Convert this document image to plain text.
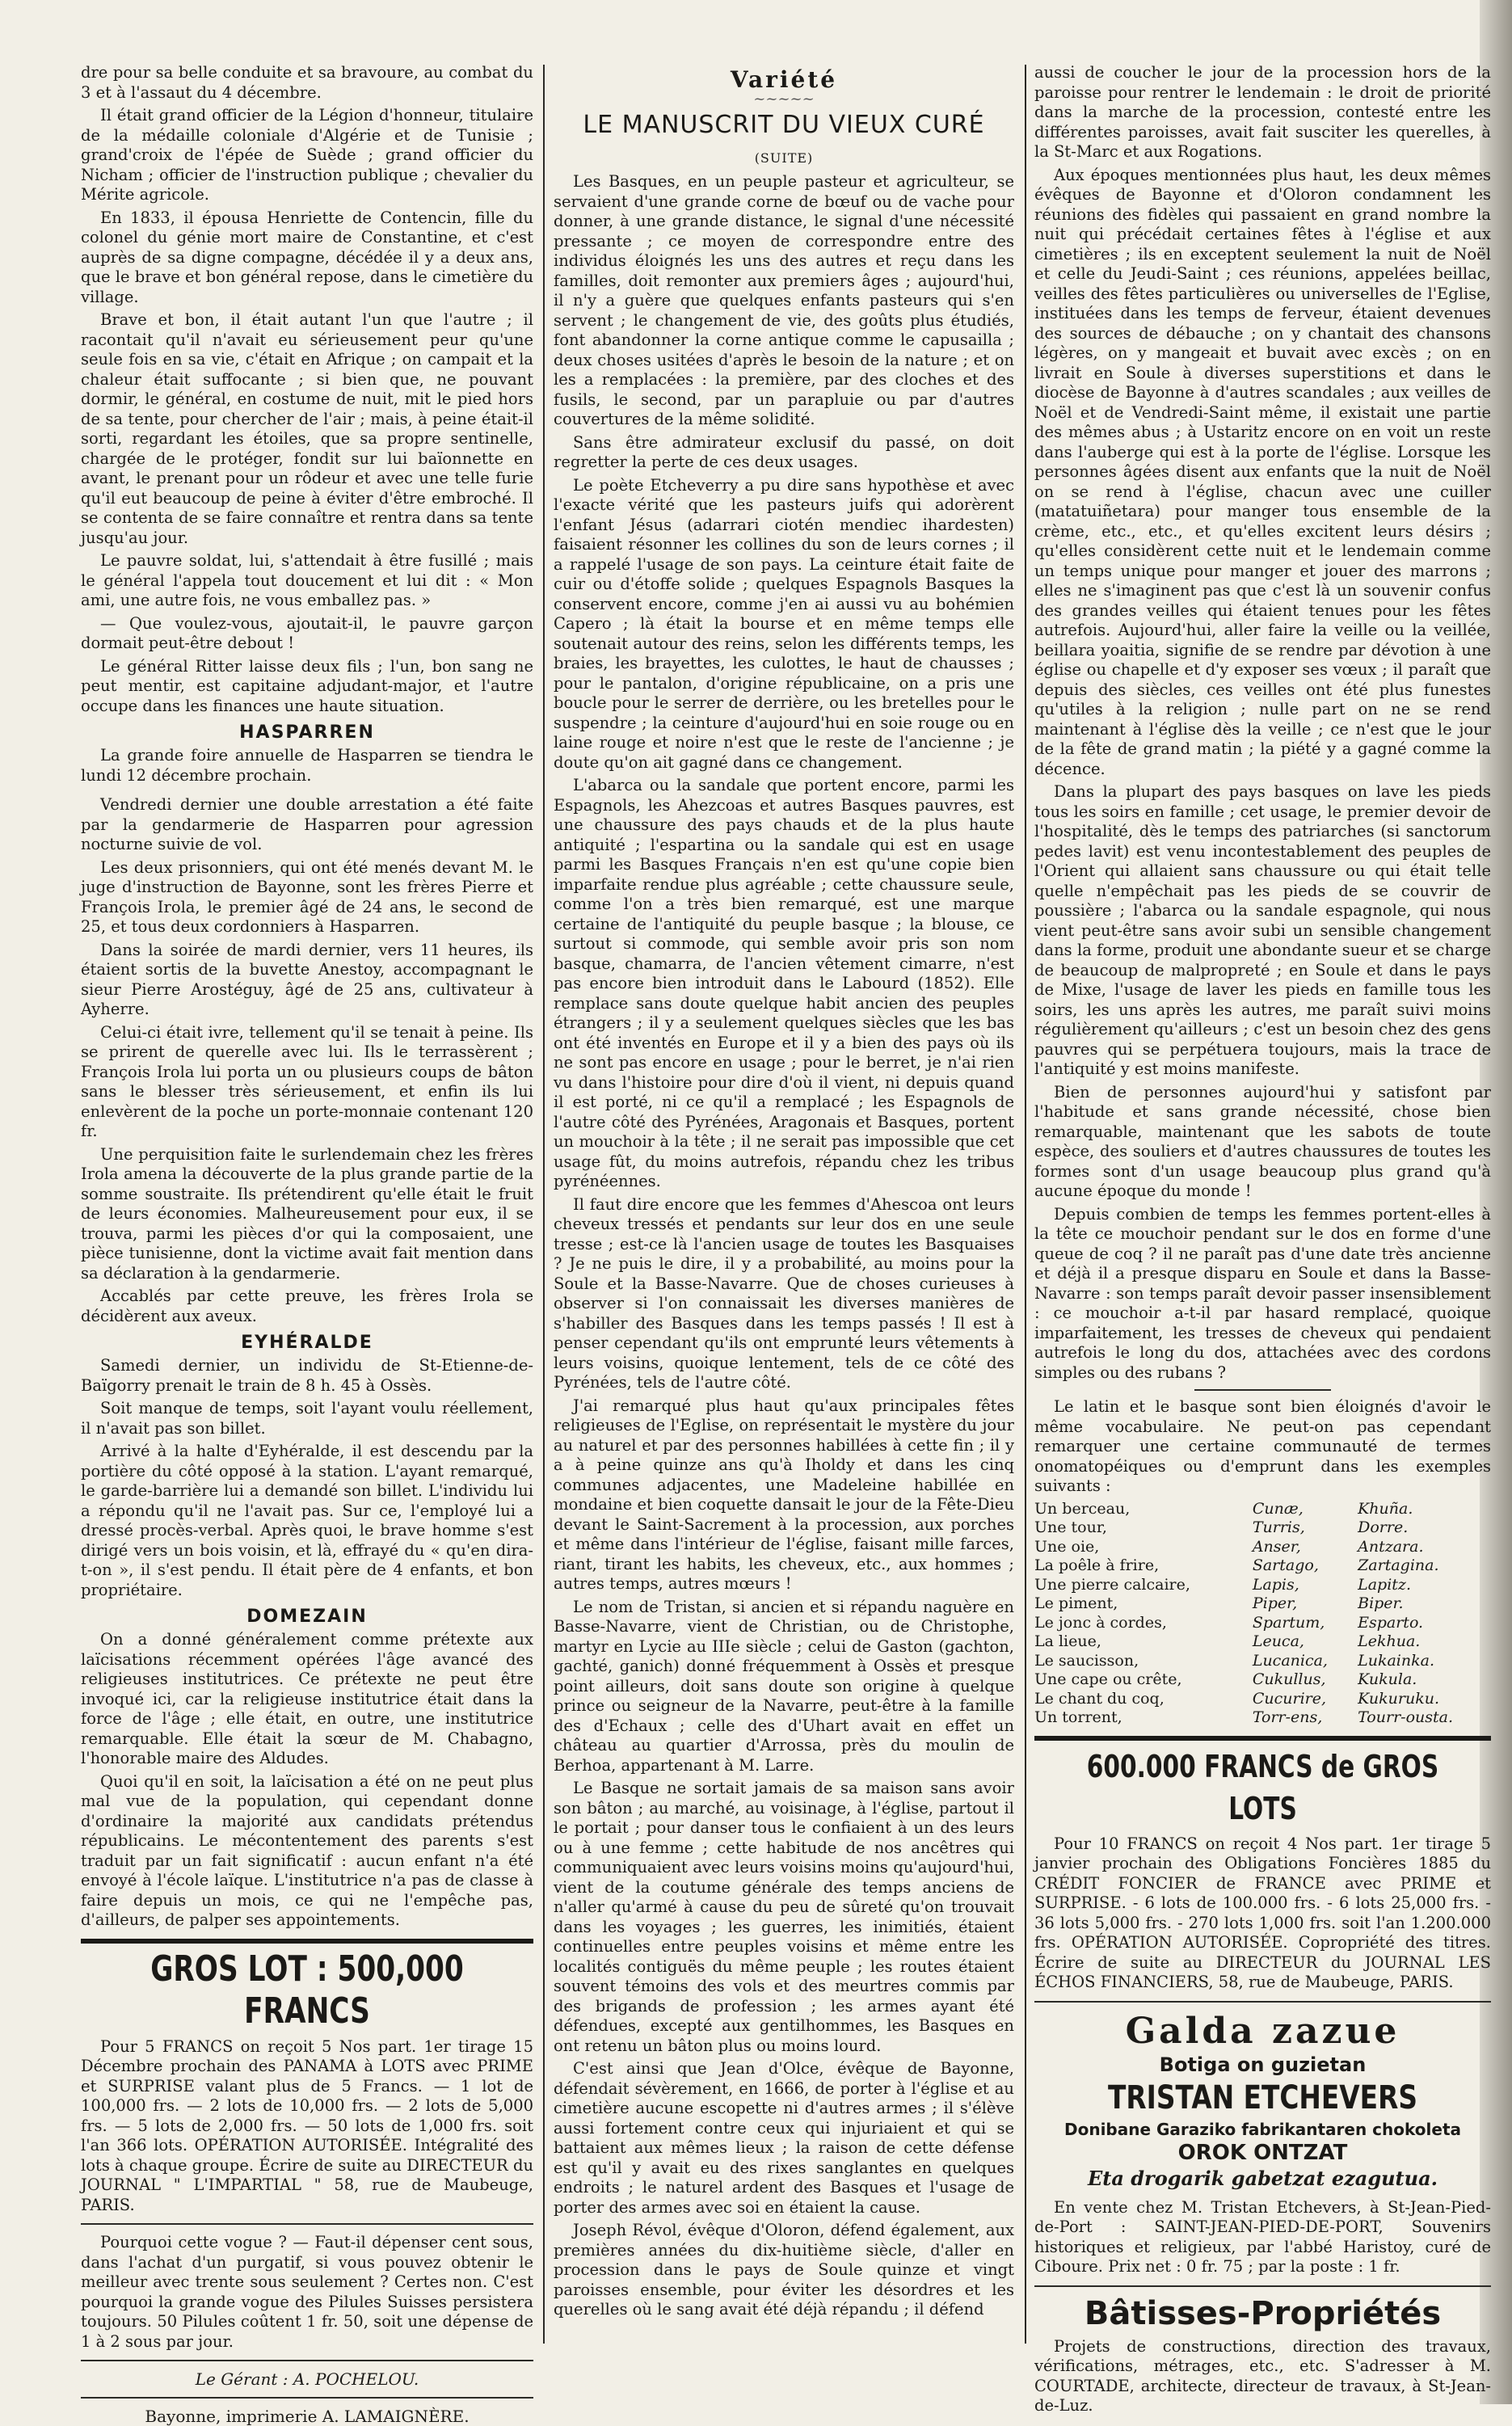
dre pour sa belle conduite et sa bravoure, au combat du 3 et à l'assaut du 4 décembre.

Il était grand officier de la Légion d'honneur, titulaire de la médaille coloniale d'Algérie et de Tunisie ; grand'croix de l'épée de Suède ; grand officier du Nicham ; officier de l'instruction publique ; chevalier du Mérite agricole.

En 1833, il épousa Henriette de Contencin, fille du colonel du génie mort maire de Constantine, et c'est auprès de sa digne compagne, décédée il y a deux ans, que le brave et bon général repose, dans le cimetière du village.

Brave et bon, il était autant l'un que l'autre ; il racontait qu'il n'avait eu sérieusement peur qu'une seule fois en sa vie, c'était en Afrique ; on campait et la chaleur était suffocante ; si bien que, ne pouvant dormir, le général, en costume de nuit, mit le pied hors de sa tente, pour chercher de l'air ; mais, à peine était-il sorti, regardant les étoiles, que sa propre sentinelle, chargée de le protéger, fondit sur lui baïonnette en avant, le prenant pour un rôdeur et avec une telle furie qu'il eut beaucoup de peine à éviter d'être embroché. Il se contenta de se faire connaître et rentra dans sa tente jusqu'au jour.

Le pauvre soldat, lui, s'attendait à être fusillé ; mais le général l'appela tout doucement et lui dit : « Mon ami, une autre fois, ne vous emballez pas. »

— Que voulez-vous, ajoutait-il, le pauvre garçon dormait peut-être debout !

Le général Ritter laisse deux fils ; l'un, bon sang ne peut mentir, est capitaine adjudant-major, et l'autre occupe dans les finances une haute situation.

HASPARREN

La grande foire annuelle de Hasparren se tiendra le lundi 12 décembre prochain.

Vendredi dernier une double arrestation a été faite par la gendarmerie de Hasparren pour agression nocturne suivie de vol.

Les deux prisonniers, qui ont été menés devant M. le juge d'instruction de Bayonne, sont les frères Pierre et François Irola, le premier âgé de 24 ans, le second de 25, et tous deux cordonniers à Hasparren.

Dans la soirée de mardi dernier, vers 11 heures, ils étaient sortis de la buvette Anestoy, accompagnant le sieur Pierre Arostéguy, âgé de 25 ans, cultivateur à Ayherre.

Celui-ci était ivre, tellement qu'il se tenait à peine. Ils se prirent de querelle avec lui. Ils le terrassèrent ; François Irola lui porta un ou plusieurs coups de bâton sans le blesser très sérieusement, et enfin ils lui enlevèrent de la poche un porte-monnaie contenant 120 fr.

Une perquisition faite le surlendemain chez les frères Irola amena la découverte de la plus grande partie de la somme soustraite. Ils prétendirent qu'elle était le fruit de leurs économies. Malheureusement pour eux, il se trouva, parmi les pièces d'or qui la composaient, une pièce tunisienne, dont la victime avait fait mention dans sa déclaration à la gendarmerie.

Accablés par cette preuve, les frères Irola se décidèrent aux aveux.

EYHÉRALDE

Samedi dernier, un individu de St-Etienne-de-Baïgorry prenait le train de 8 h. 45 à Ossès.

Soit manque de temps, soit l'ayant voulu réellement, il n'avait pas son billet.

Arrivé à la halte d'Eyhéralde, il est descendu par la portière du côté opposé à la station. L'ayant remarqué, le garde-barrière lui a demandé son billet. L'individu lui a répondu qu'il ne l'avait pas. Sur ce, l'employé lui a dressé procès-verbal. Après quoi, le brave homme s'est dirigé vers un bois voisin, et là, effrayé du « qu'en dira-t-on », il s'est pendu. Il était père de 4 enfants, et bon propriétaire.

DOMEZAIN

On a donné généralement comme prétexte aux laïcisations récemment opérées l'âge avancé des religieuses institutrices. Ce prétexte ne peut être invoqué ici, car la religieuse institutrice était dans la force de l'âge ; elle était, en outre, une institutrice remarquable. Elle était la sœur de M. Chabagno, l'honorable maire des Aldudes.

Quoi qu'il en soit, la laïcisation a été on ne peut plus mal vue de la population, qui cependant donne d'ordinaire la majorité aux candidats prétendus républicains. Le mécontentement des parents s'est traduit par un fait significatif : aucun enfant n'a été envoyé à l'école laïque. L'institutrice n'a pas de classe à faire depuis un mois, ce qui ne l'empêche pas, d'ailleurs, de palper ses appointements.

GROS LOT : 500,000 FRANCS

Pour 5 FRANCS on reçoit 5 Nos part. 1er tirage 15 Décembre prochain des PANAMA à LOTS avec PRIME et SURPRISE valant plus de 5 Francs. — 1 lot de 100,000 frs. — 2 lots de 10,000 frs. — 2 lots de 5,000 frs. — 5 lots de 2,000 frs. — 50 lots de 1,000 frs. soit l'an 366 lots. OPÉRATION AUTORISÉE. Intégralité des lots à chaque groupe. Écrire de suite au DIRECTEUR du JOURNAL " L'IMPARTIAL " 58, rue de Maubeuge, PARIS.

Pourquoi cette vogue ? — Faut-il dépenser cent sous, dans l'achat d'un purgatif, si vous pouvez obtenir le meilleur avec trente sous seulement ? Certes non. C'est pourquoi la grande vogue des Pilules Suisses persistera toujours. 50 Pilules coûtent 1 fr. 50, soit une dépense de 1 à 2 sous par jour.

Le Gérant : A. POCHELOU.
Bayonne, imprimerie A. LAMAIGNÈRE.
Variété
~~~~~
LE MANUSCRIT DU VIEUX CURÉ
(SUITE)

Les Basques, en un peuple pasteur et agriculteur, se servaient d'une grande corne de bœuf ou de vache pour donner, à une grande distance, le signal d'une nécessité pressante ; ce moyen de correspondre entre des individus éloignés les uns des autres et reçu dans les familles, doit remonter aux premiers âges ; aujourd'hui, il n'y a guère que quelques enfants pasteurs qui s'en servent ; le changement de vie, des goûts plus étudiés, font abandonner la corne antique comme le capusailla ; deux choses usitées d'après le besoin de la nature ; et on les a remplacées : la première, par des cloches et des fusils, le second, par un parapluie ou par d'autres couvertures de la même solidité.

Sans être admirateur exclusif du passé, on doit regretter la perte de ces deux usages.

Le poète Etcheverry a pu dire sans hypothèse et avec l'exacte vérité que les pasteurs juifs qui adorèrent l'enfant Jésus (adarrari ciotén mendiec ihardesten) faisaient résonner les collines du son de leurs cornes ; il a rappelé l'usage de son pays. La ceinture était faite de cuir ou d'étoffe solide ; quelques Espagnols Basques la conservent encore, comme j'en ai aussi vu au bohémien Capero ; là était la bourse et en même temps elle soutenait autour des reins, selon les différents temps, les braies, les brayettes, les culottes, le haut de chausses ; pour le pantalon, d'origine républicaine, on a pris une boucle pour le serrer de derrière, ou les bretelles pour le suspendre ; la ceinture d'aujourd'hui en soie rouge ou en laine rouge et noire n'est que le reste de l'ancienne ; je doute qu'on ait gagné dans ce changement.

L'abarca ou la sandale que portent encore, parmi les Espagnols, les Ahezcoas et autres Basques pauvres, est une chaussure des pays chauds et de la plus haute antiquité ; l'espartina ou la sandale qui est en usage parmi les Basques Français n'en est qu'une copie bien imparfaite rendue plus agréable ; cette chaussure seule, comme l'on a très bien remarqué, est une marque certaine de l'antiquité du peuple basque ; la blouse, ce surtout si commode, qui semble avoir pris son nom basque, chamarra, de l'ancien vêtement cimarre, n'est pas encore bien introduit dans le Labourd (1852). Elle remplace sans doute quelque habit ancien des peuples étrangers ; il y a seulement quelques siècles que les bas ont été inventés en Europe et il y a bien des pays où ils ne sont pas encore en usage ; pour le berret, je n'ai rien vu dans l'histoire pour dire d'où il vient, ni depuis quand il est porté, ni ce qu'il a remplacé ; les Espagnols de l'autre côté des Pyrénées, Aragonais et Basques, portent un mouchoir à la tête ; il ne serait pas impossible que cet usage fût, du moins autrefois, répandu chez les tribus pyrénéennes.

Il faut dire encore que les femmes d'Ahescoa ont leurs cheveux tressés et pendants sur leur dos en une seule tresse ; est-ce là l'ancien usage de toutes les Basquaises ? Je ne puis le dire, il y a probabilité, au moins pour la Soule et la Basse-Navarre. Que de choses curieuses à observer si l'on connaissait les diverses manières de s'habiller des Basques dans les temps passés ! Il est à penser cependant qu'ils ont emprunté leurs vêtements à leurs voisins, quoique lentement, tels de ce côté des Pyrénées, tels de l'autre côté.

J'ai remarqué plus haut qu'aux principales fêtes religieuses de l'Eglise, on représentait le mystère du jour au naturel et par des personnes habillées à cette fin ; il y a à peine quinze ans qu'à Iholdy et dans les cinq communes adjacentes, une Madeleine habillée en mondaine et bien coquette dansait le jour de la Fête-Dieu devant le Saint-Sacrement à la procession, aux porches et même dans l'intérieur de l'église, faisant mille farces, riant, tirant les habits, les cheveux, etc., aux hommes ; autres temps, autres mœurs !

Le nom de Tristan, si ancien et si répandu naguère en Basse-Navarre, vient de Christian, ou de Christophe, martyr en Lycie au IIIe siècle ; celui de Gaston (gachton, gachté, ganich) donné fréquemment à Ossès et presque point ailleurs, doit sans doute son origine à quelque prince ou seigneur de la Navarre, peut-être à la famille des d'Echaux ; celle des d'Uhart avait en effet un château au quartier d'Arrossa, près du moulin de Berhoa, appartenant à M. Larre.

Le Basque ne sortait jamais de sa maison sans avoir son bâton ; au marché, au voisinage, à l'église, partout il le portait ; pour danser tous le confiaient à un des leurs ou à une femme ; cette habitude de nos ancêtres qui communiquaient avec leurs voisins moins qu'aujourd'hui, vient de la coutume générale des temps anciens de n'aller qu'armé à cause du peu de sûreté qu'on trouvait dans les voyages ; les guerres, les inimitiés, étaient continuelles entre peuples voisins et même entre les localités contiguës du même peuple ; les routes étaient souvent témoins des vols et des meurtres commis par des brigands de profession ; les armes ayant été défendues, excepté aux gentilhommes, les Basques en ont retenu un bâton plus ou moins lourd.

C'est ainsi que Jean d'Olce, évêque de Bayonne, défendait sévèrement, en 1666, de porter à l'église et au cimetière aucune escopette ni d'autres armes ; il s'élève aussi fortement contre ceux qui injuriaient et qui se battaient aux mêmes lieux ; la raison de cette défense est qu'il y avait eu des rixes sanglantes en quelques endroits ; le naturel ardent des Basques et l'usage de porter des armes avec soi en étaient la cause.

Joseph Révol, évêque d'Oloron, défend également, aux premières années du dix-huitième siècle, d'aller en procession dans le pays de Soule quinze et vingt paroisses ensemble, pour éviter les désordres et les querelles où le sang avait été déjà répandu ; il défend

aussi de coucher le jour de la procession hors de la paroisse pour rentrer le lendemain : le droit de priorité dans la marche de la procession, contesté entre les différentes paroisses, avait fait susciter les querelles, à la St-Marc et aux Rogations.

Aux époques mentionnées plus haut, les deux mêmes évêques de Bayonne et d'Oloron condamnent les réunions des fidèles qui passaient en grand nombre la nuit qui précédait certaines fêtes à l'église et aux cimetières ; ils en exceptent seulement la nuit de Noël et celle du Jeudi-Saint ; ces réunions, appelées beillac, veilles des fêtes particulières ou universelles de l'Eglise, instituées dans les temps de ferveur, étaient devenues des sources de débauche ; on y chantait des chansons légères, on y mangeait et buvait avec excès ; on en livrait en Soule à diverses superstitions et dans le diocèse de Bayonne à d'autres scandales ; aux veilles de Noël et de Vendredi-Saint même, il existait une partie des mêmes abus ; à Ustaritz encore on en voit un reste dans l'auberge qui est à la porte de l'église. Lorsque les personnes âgées disent aux enfants que la nuit de Noël on se rend à l'église, chacun avec une cuiller (matatuiñetara) pour manger tous ensemble de la crème, etc., etc., et qu'elles excitent leurs désirs ; qu'elles considèrent cette nuit et le lendemain comme un temps unique pour manger et jouer des marrons ; elles ne s'imaginent pas que c'est là un souvenir confus des grandes veilles qui étaient tenues pour les fêtes autrefois. Aujourd'hui, aller faire la veille ou la veillée, beillara yoaitia, signifie de se rendre par dévotion à une église ou chapelle et d'y exposer ses vœux ; il paraît que depuis des siècles, ces veilles ont été plus funestes qu'utiles à la religion ; nulle part on ne se rend maintenant à l'église dès la veille ; ce n'est que le jour de la fête de grand matin ; la piété y a gagné comme la décence.

Dans la plupart des pays basques on lave les pieds tous les soirs en famille ; cet usage, le premier devoir de l'hospitalité, dès le temps des patriarches (si sanctorum pedes lavit) est venu incontestablement des peuples de l'Orient qui allaient sans chaussure ou qui était telle quelle n'empêchait pas les pieds de se couvrir de poussière ; l'abarca ou la sandale espagnole, qui nous vient peut-être sans avoir subi un sensible changement dans la forme, produit une abondante sueur et se charge de beaucoup de malpropreté ; en Soule et dans le pays de Mixe, l'usage de laver les pieds en famille tous les soirs, les uns après les autres, me paraît suivi moins régulièrement qu'ailleurs ; c'est un besoin chez des gens pauvres qui se perpétuera toujours, mais la trace de l'antiquité y est moins manifeste.

Bien de personnes aujourd'hui y satisfont par l'habitude et sans grande nécessité, chose bien remarquable, maintenant que les sabots de toute espèce, des souliers et d'autres chaussures de toutes les formes sont d'un usage beaucoup plus grand qu'à aucune époque du monde !

Depuis combien de temps les femmes portent-elles à la tête ce mouchoir pendant sur le dos en forme d'une queue de coq ? il ne paraît pas d'une date très ancienne et déjà il a presque disparu en Soule et dans la Basse-Navarre : son temps paraît devoir passer insensiblement : ce mouchoir a-t-il par hasard remplacé, quoique imparfaitement, les tresses de cheveux qui pendaient autrefois le long du dos, attachées avec des cordons simples ou des rubans ?

Le latin et le basque sont bien éloignés d'avoir le même vocabulaire. Ne peut-on pas cependant remarquer une certaine communauté de termes onomatopéiques ou d'emprunt dans les exemples suivants :

Un berceau,	Cunæ,	Khuña.
Une tour,	Turris,	Dorre.
Une oie,	Anser,	Antzara.
La poêle à frire,	Sartago,	Zartagina.
Une pierre calcaire,	Lapis,	Lapitz.
Le piment,	Piper,	Biper.
Le jonc à cordes,	Spartum,	Esparto.
La lieue,	Leuca,	Lekhua.
Le saucisson,	Lucanica,	Lukainka.
Une cape ou crête,	Cukullus,	Kukula.
Le chant du coq,	Cucurire,	Kukuruku.
Un torrent,	Torr-ens,	Tourr-ousta.
600.000 FRANCS de GROS LOTS

Pour 10 FRANCS on reçoit 4 Nos part. 1er tirage 5 janvier prochain des Obligations Foncières 1885 du CRÉDIT FONCIER de FRANCE avec PRIME et SURPRISE. - 6 lots de 100.000 frs. - 6 lots 25,000 frs. - 36 lots 5,000 frs. - 270 lots 1,000 frs. soit l'an 1.200.000 frs. OPÉRATION AUTORISÉE. Copropriété des titres. Écrire de suite au DIRECTEUR du JOURNAL LES ÉCHOS FINANCIERS, 58, rue de Maubeuge, PARIS.

Galda zazue
Botiga on guzietan
TRISTAN ETCHEVERS
Donibane Garaziko fabrikantaren chokoleta
OROK ONTZAT
Eta drogarik gabetzat ezagutua.

En vente chez M. Tristan Etchevers, à St-Jean-Pied-de-Port : SAINT-JEAN-PIED-DE-PORT, Souvenirs historiques et religieux, par l'abbé Haristoy, curé de Ciboure. Prix net : 0 fr. 75 ; par la poste : 1 fr.

Bâtisses-Propriétés

Projets de constructions, direction des travaux, vérifications, métrages, etc., etc. S'adresser à M. COURTADE, architecte, directeur de travaux, à St-Jean-de-Luz.
